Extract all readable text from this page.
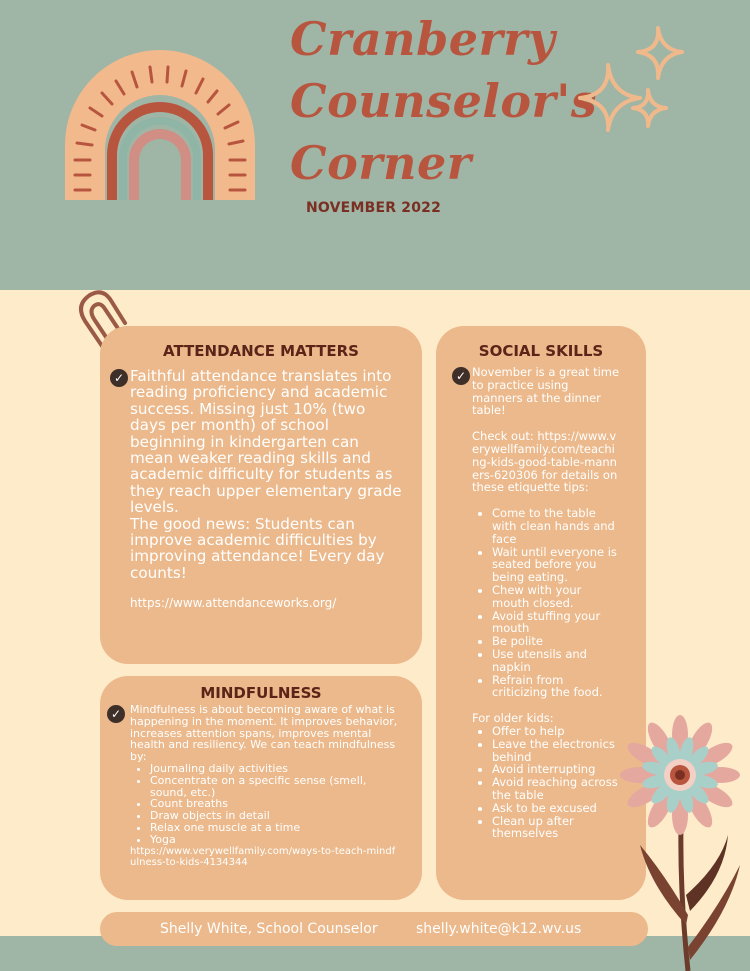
Cranberry
Counselor's
Corner
NOVEMBER 2022
ATTENDANCE MATTERS
✓ Faithful attendance translates into reading proficiency and academic success. Missing just 10% (two days per month) of school beginning in kindergarten can mean weaker reading skills and academic difficulty for students as they reach upper elementary grade levels.

The good news: Students can improve academic difficulties by improving attendance! Every day counts!

https://www.attendanceworks.org/

MINDFULNESS
✓ Mindfulness is about becoming aware of what is happening in the moment. It improves behavior, increases attention spans, improves mental health and resiliency. We can teach mindfulness by:

• Journaling daily activities
• Concentrate on a specific sense (smell, sound, etc.)
• Count breaths
• Draw objects in detail
• Relax one muscle at a time
• Yoga

https://www.verywellfamily.com/ways-to-teach-mindfulness-to-kids-4134344

SOCIAL SKILLS
✓ November is a great time to practice using manners at the dinner table!

Check out: https://www.verywellfamily.com/teaching-kids-good-table-manners-620306 for details on these etiquette tips:

• Come to the table with clean hands and face
• Wait until everyone is seated before you being eating.
• Chew with your mouth closed.
• Avoid stuffing your mouth
• Be polite
• Use utensils and napkin
• Refrain from criticizing the food.

For older kids:

• Offer to help
• Leave the electronics behind
• Avoid interrupting
• Avoid reaching across the table
• Ask to be excused
• Clean up after themselves
Shelly White, School Counselor	shelly.white@k12.wv.us
